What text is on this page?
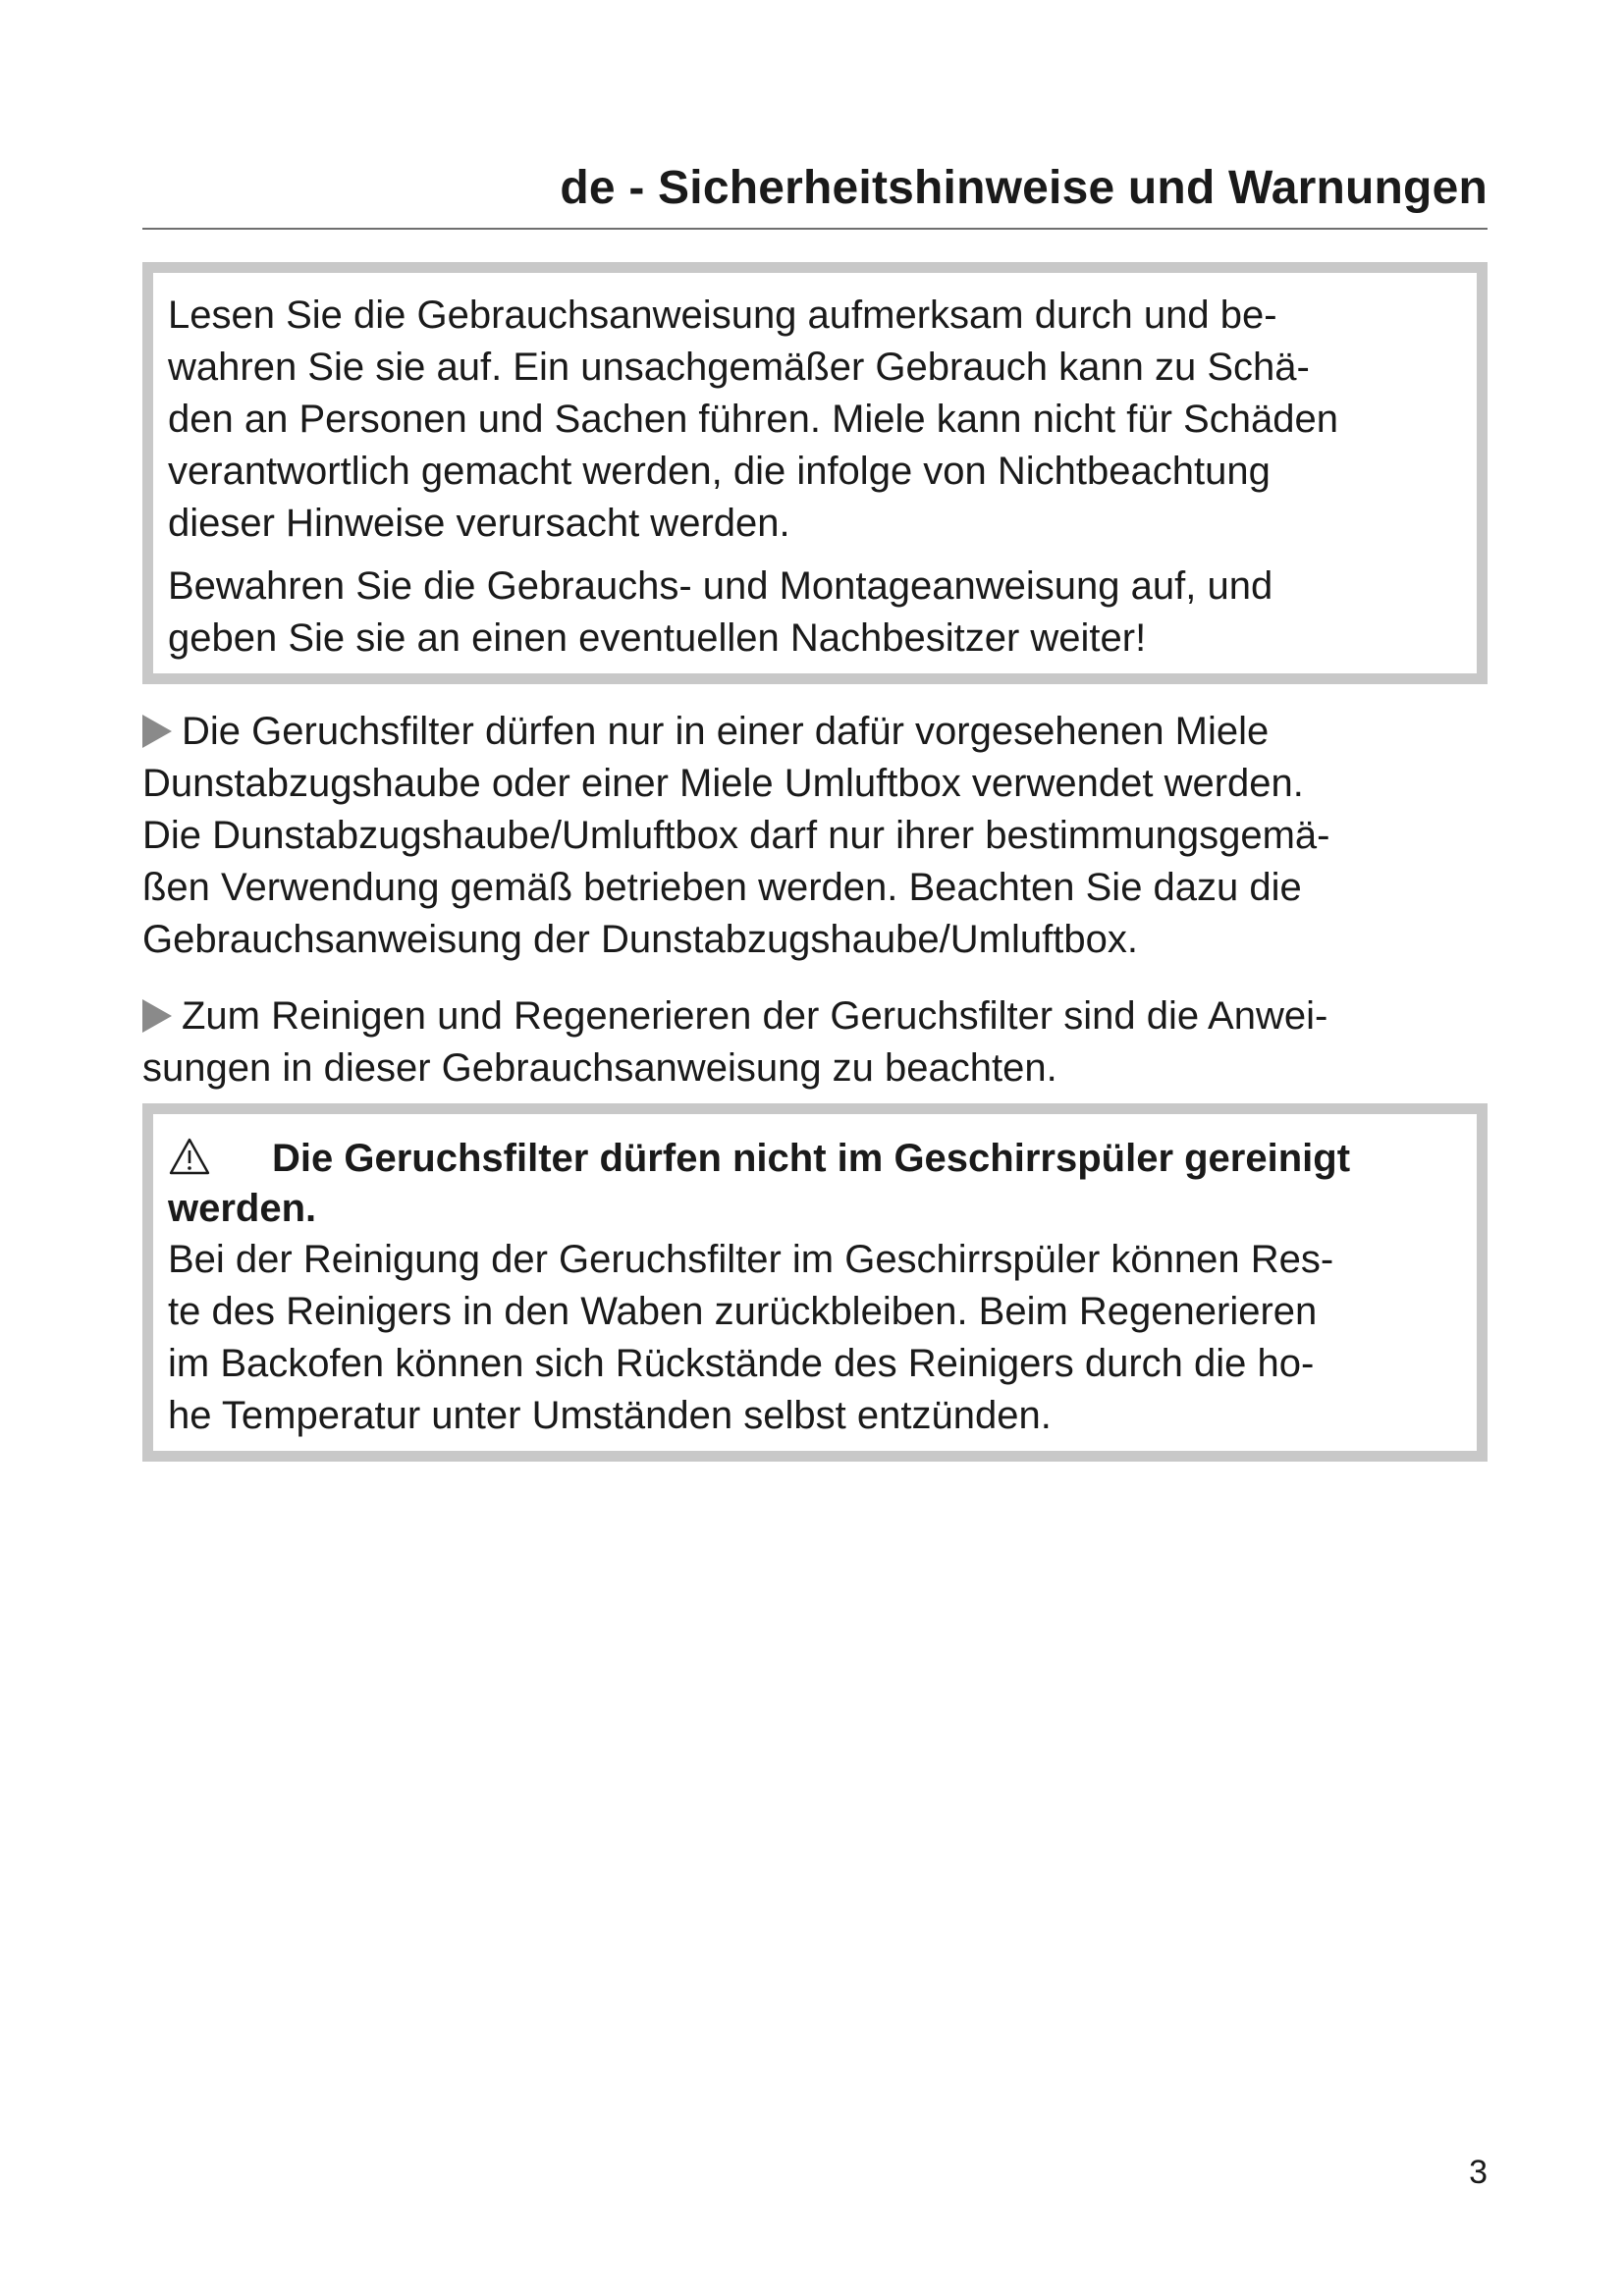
de - Sicherheitshinweise und Warnungen

Lesen Sie die Gebrauchsanweisung aufmerksam durch und be-
wahren Sie sie auf. Ein unsachgemäßer Gebrauch kann zu Schä-
den an Personen und Sachen führen. Miele kann nicht für Schäden
verantwortlich gemacht werden, die infolge von Nichtbeachtung
dieser Hinweise verursacht werden.

Bewahren Sie die Gebrauchs- und Montageanweisung auf, und
geben Sie sie an einen eventuellen Nachbesitzer weiter!

Die Geruchsfilter dürfen nur in einer dafür vorgesehenen Miele
Dunstabzugshaube oder einer Miele Umluftbox verwendet werden.
Die Dunstabzugshaube/Umluftbox darf nur ihrer bestimmungsgemä-
ßen Verwendung gemäß betrieben werden. Beachten Sie dazu die
Gebrauchsanweisung der Dunstabzugshaube/Umluftbox.

Zum Reinigen und Regenerieren der Geruchsfilter sind die Anwei-
sungen in dieser Gebrauchsanweisung zu beachten.

Die Geruchsfilter dürfen nicht im Geschirrspüler gereinigt
werden.

Bei der Reinigung der Geruchsfilter im Geschirrspüler können Res-
te des Reinigers in den Waben zurückbleiben. Beim Regenerieren
im Backofen können sich Rückstände des Reinigers durch die ho-
he Temperatur unter Umständen selbst entzünden.

3
